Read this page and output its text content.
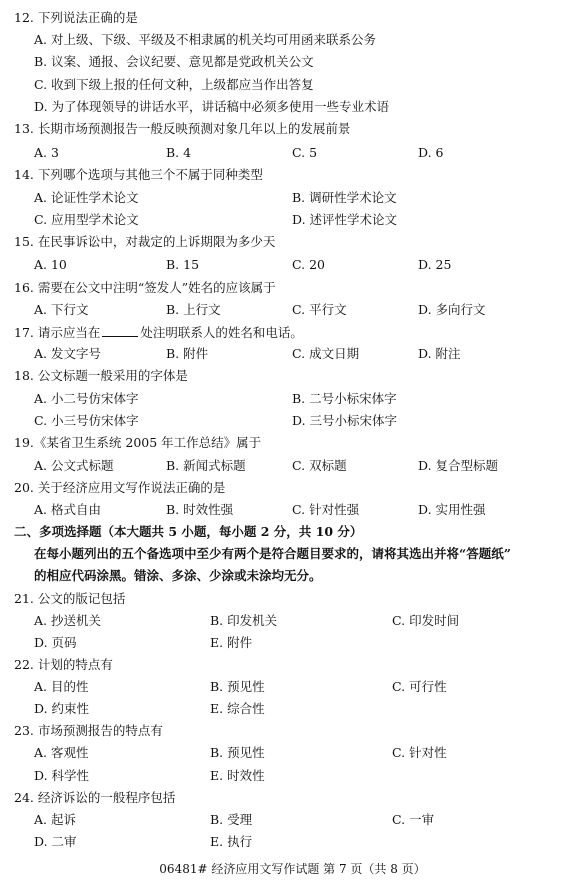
12. 下列说法正确的是
A. 对上级、下级、平级及不相隶属的机关均可用函来联系公务
B. 议案、通报、会议纪要、意见都是党政机关公文
C. 收到下级上报的任何文种，上级都应当作出答复
D. 为了体现领导的讲话水平，讲话稿中必须多使用一些专业术语
13. 长期市场预测报告一般反映预测对象几年以上的发展前景
A. 3	B. 4	C. 5	D. 6
14. 下列哪个选项与其他三个不属于同种类型
A. 论证性学术论文	B. 调研性学术论文
C. 应用型学术论文	D. 述评性学术论文
15. 在民事诉讼中，对裁定的上诉期限为多少天
A. 10	B. 15	C. 20	D. 25
16. 需要在公文中注明“签发人”姓名的应该属于
A. 下行文	B. 上行文	C. 平行文	D. 多向行文
17. 请示应当在	处注明联系人的姓名和电话。
A. 发文字号	B. 附件	C. 成文日期	D. 附注
18. 公文标题一般采用的字体是
A. 小二号仿宋体字	B. 二号小标宋体字
C. 小三号仿宋体字	D. 三号小标宋体字
19.《某省卫生系统 2005 年工作总结》属于
A. 公文式标题	B. 新闻式标题	C. 双标题	D. 复合型标题
20. 关于经济应用文写作说法正确的是
A. 格式自由	B. 时效性强	C. 针对性强	D. 实用性强
二、多项选择题（本大题共 5 小题，每小题 2 分，共 10 分）
在每小题列出的五个备选项中至少有两个是符合题目要求的，请将其选出并将“答题纸”
的相应代码涂黑。错涂、多涂、少涂或未涂均无分。
21. 公文的版记包括
A. 抄送机关	B. 印发机关	C. 印发时间
D. 页码	E. 附件
22. 计划的特点有
A. 目的性	B. 预见性	C. 可行性
D. 约束性	E. 综合性
23. 市场预测报告的特点有
A. 客观性	B. 预见性	C. 针对性
D. 科学性	E. 时效性
24. 经济诉讼的一般程序包括
A. 起诉	B. 受理	C. 一审
D. 二审	E. 执行
06481# 经济应用文写作试题 第 7 页（共 8 页）
